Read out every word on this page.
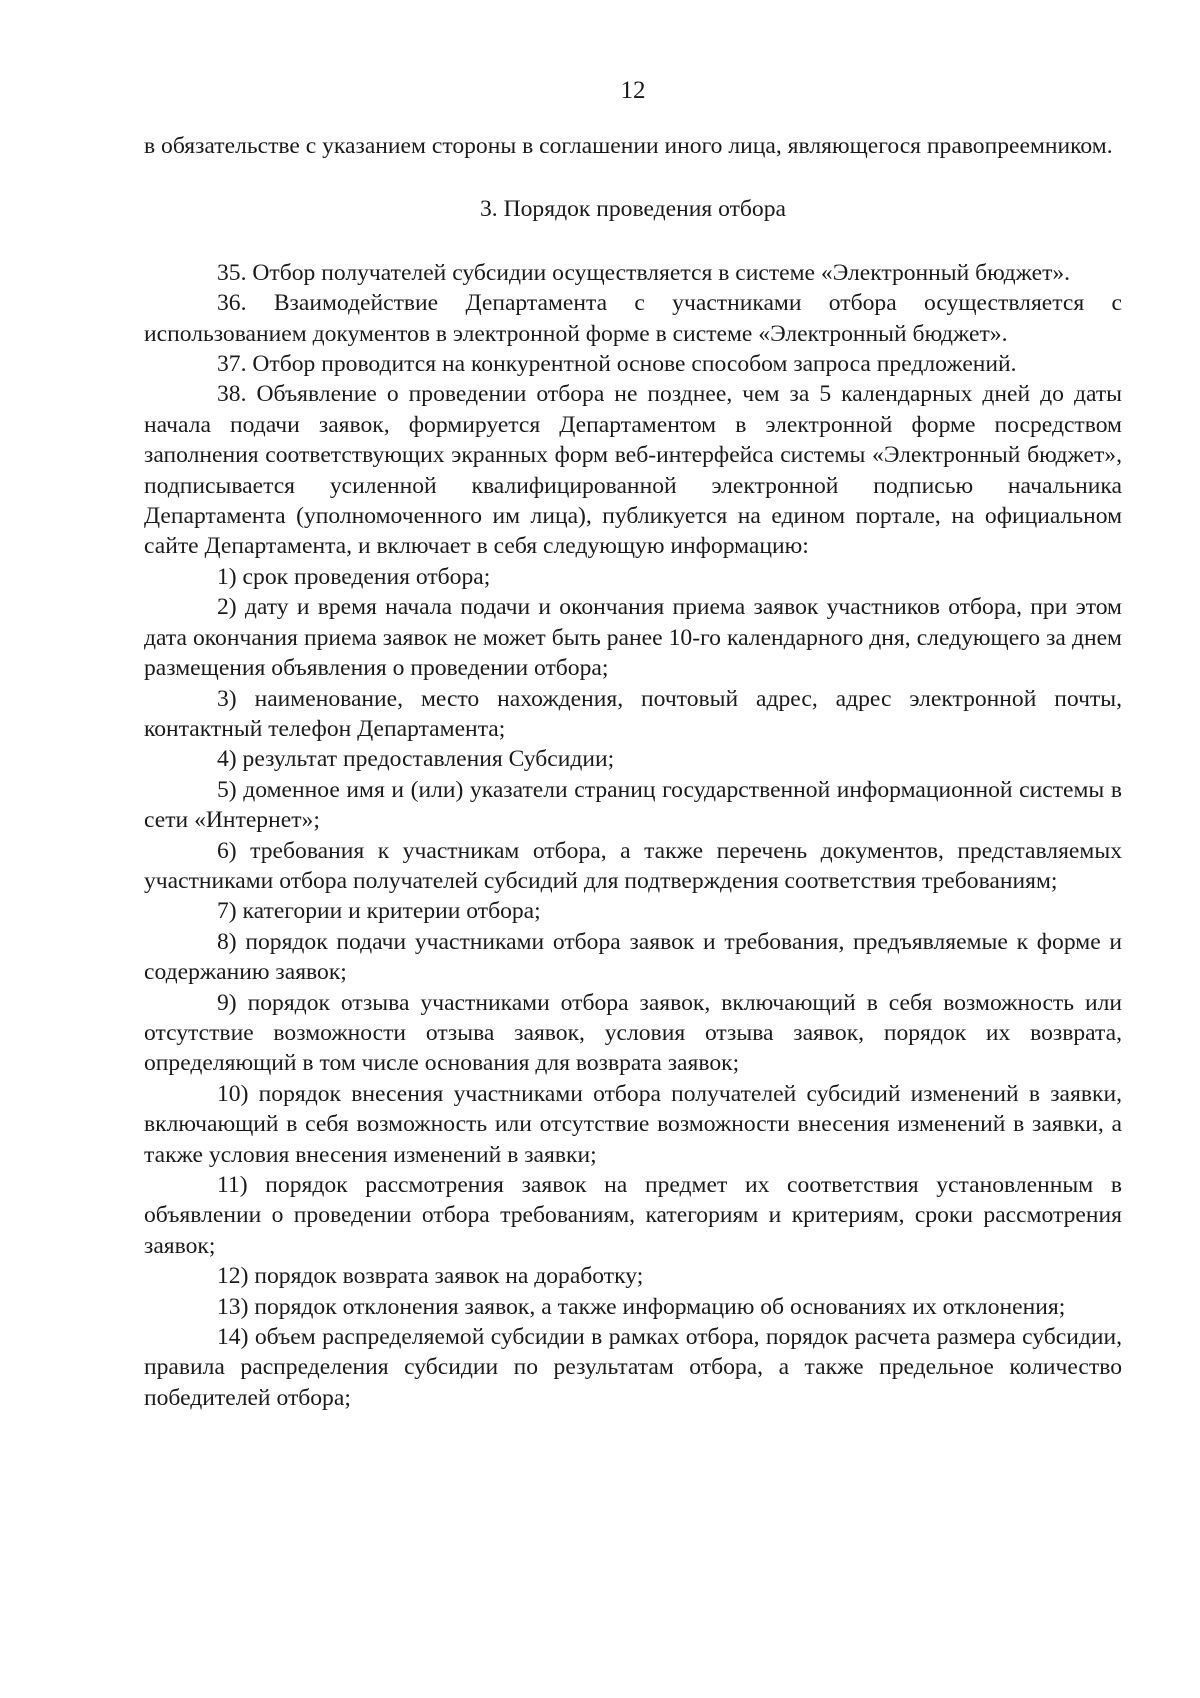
12

в обязательстве с указанием стороны в соглашении иного лица, являющегося правопреемником.

3. Порядок проведения отбора

35. Отбор получателей субсидии осуществляется в системе «Электронный бюджет».

36. Взаимодействие Департамента с участниками отбора осуществляется с использованием документов в электронной форме в системе «Электронный бюджет».

37. Отбор проводится на конкурентной основе способом запроса предложений.

38. Объявление о проведении отбора не позднее, чем за 5 календарных дней до даты начала подачи заявок, формируется Департаментом в электронной форме посредством заполнения соответствующих экранных форм веб-интерфейса системы «Электронный бюджет», подписывается усиленной квалифицированной электронной подписью начальника Департамента (уполномоченного им лица), публикуется на едином портале, на официальном сайте Департамента, и включает в себя следующую информацию:

1) срок проведения отбора;

2) дату и время начала подачи и окончания приема заявок участников отбора, при этом дата окончания приема заявок не может быть ранее 10-го календарного дня, следующего за днем размещения объявления о проведении отбора;

3) наименование, место нахождения, почтовый адрес, адрес электронной почты, контактный телефон Департамента;

4) результат предоставления Субсидии;

5) доменное имя и (или) указатели страниц государственной информационной системы в сети «Интернет»;

6) требования к участникам отбора, а также перечень документов, представляемых участниками отбора получателей субсидий для подтверждения соответствия требованиям;

7) категории и критерии отбора;

8) порядок подачи участниками отбора заявок и требования, предъявляемые к форме и содержанию заявок;

9) порядок отзыва участниками отбора заявок, включающий в себя возможность или отсутствие возможности отзыва заявок, условия отзыва заявок, порядок их возврата, определяющий в том числе основания для возврата заявок;

10) порядок внесения участниками отбора получателей субсидий изменений в заявки, включающий в себя возможность или отсутствие возможности внесения изменений в заявки, а также условия внесения изменений в заявки;

11) порядок рассмотрения заявок на предмет их соответствия установленным в объявлении о проведении отбора требованиям, категориям и критериям, сроки рассмотрения заявок;

12) порядок возврата заявок на доработку;

13) порядок отклонения заявок, а также информацию об основаниях их отклонения;

14) объем распределяемой субсидии в рамках отбора, порядок расчета размера субсидии, правила распределения субсидии по результатам отбора, а также предельное количество победителей отбора;
